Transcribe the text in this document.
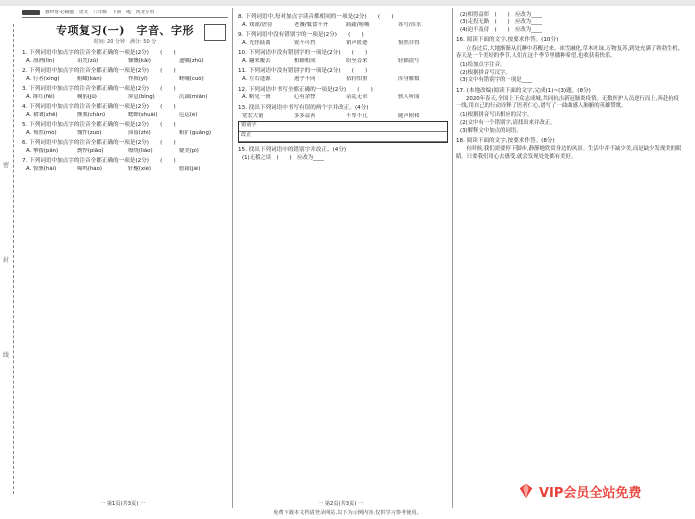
密
封
线
教材帮·必刷题 语文 八年级 下册 RJ 河北专用
专项复习(一)　字音、字形
时间: 20 分钟　满分: 50 分
1. 下列词语中加点字的注音全都正确的一项是(2分)　　(　　)
A. 凛冽(lǐn)	诅咒(zǔ)	慷慨(kǎi)	遗嘱(zhǔ)
2. 下列词语中加点字的注音全都正确的一项是(2分)　　(　　)
A. 行者(xíng)	俯瞰(kàn)	作揖(yī)	嵯峨(cuó)
3. 下列词语中加点字的注音全都正确的一项是(2分)　　(　　)
A. 绯红(fēi)	鞠躬(jū)	屏息(bǐng)	沉湎(miǎn)
4. 下列词语中加点字的注音全都正确的一项是(2分)　　(　　)
A. 褶皱(zhě)	颤栗(chàn)	蟋蟀(shuài)	厄运(è)
5. 下列词语中加点字的注音全都正确的一项是(2分)　　(　　)
A. 蓦然(mò)	愧怍(zuò)	滞留(zhì)	粗犷(guǎng)
6. 下列词语中加点字的注音全都正确的一项是(2分)　　(　　)
A. 攀援(pān)	剽悍(piāo)	缭绕(liáo)	媲美(pì)
7. 下列词语中加点字的注音全都正确的一项是(2分)　　(　　)
A. 惊骇(hài)	嗥鸣(háo)	轩榭(xiè)	慰藉(jiè)
8. 下列词语中,每对加点字读音都相同的一项是(2分)　　(　　)
A. 戏谑/虐待	老饕/餮食不齐	踌躇/咀嚼	诨号/浑水
9. 下列词语中没有错别字的一项是(2分)　　(　　)
A. 光怪陆离	锐不可挡	销声匿迹	怡然自得
10. 下列词语中没有错别字的一项是(2分)　　(　　)
A. 翻来覆去	相辅相成	纷至沓来	轻描淡写
11. 下列词语中没有错别字的一项是(2分)　　(　　)
A. 左右逢源	迥乎不同	拈轻怕重	浑身解数
12. 下列词语中书写全都正确的一项是(2分)　　(　　)
A. 略见一斑	心有余悸	杂乱无章	骇人听闻
13. 找出下列词语中书写有误的两个字并改正。(4分)
宽宏大量	多多益善	不卑不亢	随声附和
错别字
改正
15. 找出下列词语中的错别字并改正。(4分)
(1)无稽之谈　(　　)　应改为____
(2)相得益彰　(　　)　应改为____
(3)走投无路　(　　)　应改为____
(4)迫不及待　(　　)　应改为____
16. 阅读下面的文字,按要求作答。(10分)
立春过后,大地渐渐从沉睡中苏醒过来。冰雪融化,草木吐绿,万物复苏,到处充满了勃勃生机。春天是一个美好的季节,人们在这个季节里播种希望,也收获着快乐。
(1)给加点字注音。
(2)根据拼音写汉字。
(3)文中有错别字的一项是____
17. (本地改编)阅读下面的文字,完成(1)~(3)题。(8分)
2020年春天,全国上下众志成城,共同抗击新冠肺炎疫情。无数医护人员逆行而上,奔赴抗疫一线,用自己的行动诠释了医者仁心,谱写了一曲曲感人肺腑的英雄赞歌。
(1)根据拼音写出相应的汉字。
(2)文中有一个错别字,请找出来并改正。
(3)解释文中加点的词语。
18. 阅读下面的文字,按要求作答。(8分)
有时候,我们需要停下脚步,静静地欣赏身边的风景。生活中并不缺少美,而是缺少发现美的眼睛。只要我们用心去感受,就会发现处处都有美好。
一 第1页(共3页) 一	一 第2页(共3页) 一
免费下载本文档请登录网站,以下为示例内容,仅供学习参考使用。
VIP会员全站免费
